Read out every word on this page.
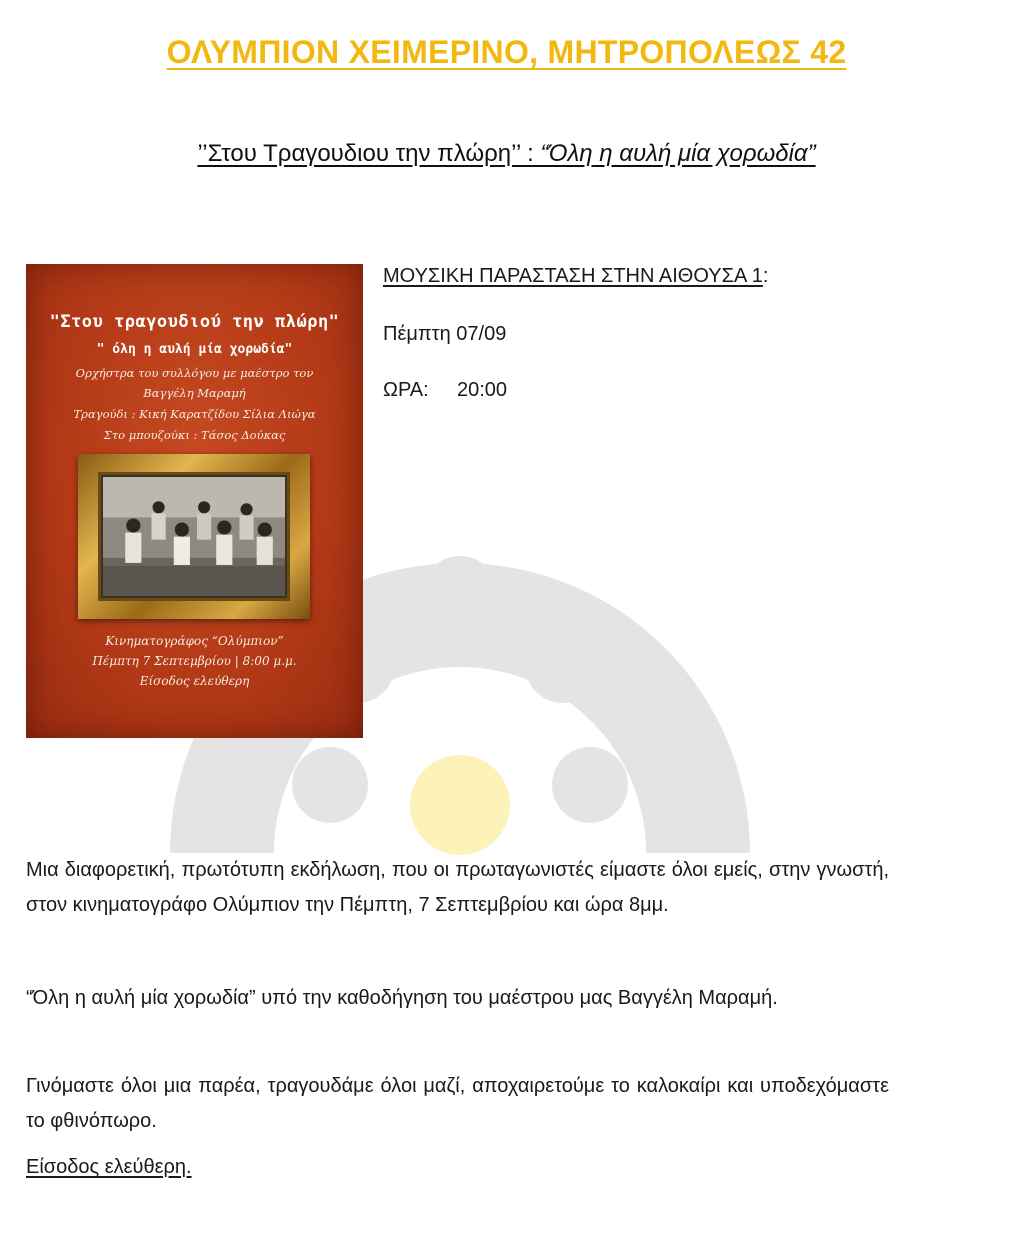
ΟΛΥΜΠΙΟΝ ΧΕΙΜΕΡΙΝΟ, ΜΗΤΡΟΠΟΛΕΩΣ 42
’’Στου Τραγουδιου την πλώρη’’ : “Όλη η αυλή μία χορωδία”
"Στου τραγουδιού την πλώρη"
" όλη η αυλή μία χορωδία"
Ορχήστρα του συλλόγου με μαέστρο τον
Βαγγέλη Μαραμή
Τραγούδι : Κική Καρατζίδου Σίλια Λιώγα
Στο μπουζούκι : Τάσος Δούκας
Κινηματογράφος “Ολύμπιον”
Πέμπτη 7 Σεπτεμβρίου | 8:00 μ.μ.
Είσοδος ελεύθερη
ΜΟΥΣΙΚΗ ΠΑΡΑΣΤΑΣΗ ΣΤΗΝ ΑΙΘΟΥΣΑ 1:
Πέμπτη 07/09
ΩΡΑ: 20:00
Μια διαφορετική, πρωτότυπη εκδήλωση, που οι πρωταγωνιστές είμαστε όλοι εμείς, στην γνωστή, στον κινηματογράφο Ολύμπιον την Πέμπτη, 7 Σεπτεμβρίου και ώρα 8μμ.
“Όλη η αυλή μία χορωδία” υπό την καθοδήγηση του μαέστρου μας Βαγγέλη Μαραμή.
Γινόμαστε όλοι μια παρέα, τραγουδάμε όλοι μαζί, αποχαιρετούμε το καλοκαίρι και υποδεχόμαστε το φθινόπωρο.
Είσοδος ελεύθερη.
